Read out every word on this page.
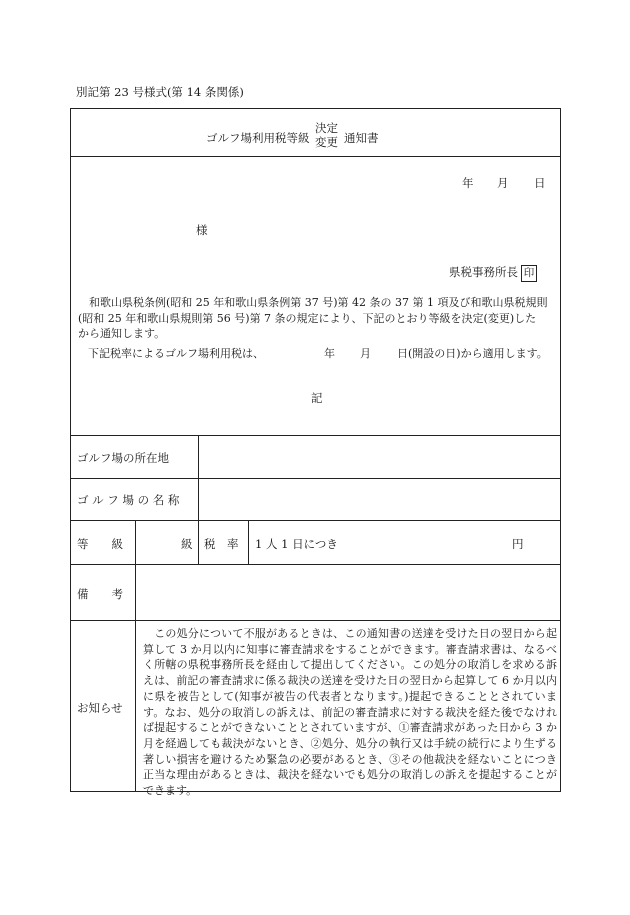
別記第 23 号様式(第 14 条関係)
ゴルフ場利用税等級
決定
変更 通知書
年 月 日
様
県税事務所長 印

和歌山県税条例(昭和 25 年和歌山県条例第 37 号)第 42 条の 37 第 1 項及び和歌山県税規則

(昭和 25 年和歌山県規則第 56 号)第 7 条の規定により、下記のとおり等級を決定(変更)した

から通知します。

下記税率によるゴルフ場利用税は、	年 月 日(開設の日)から適用します。
記
ゴルフ場の所在地
ゴ ル フ 場 の 名 称
等　　級	級 税　率 1 人 1 日につき	円
備　　考
お知らせ
　この処分について不服があるときは、この通知書の送達を受けた日の翌日から起算して 3 か月以内に知事に審査請求をすることができます。審査請求書は、なるべく所轄の県税事務所長を経由して提出してください。この処分の取消しを求める訴えは、前記の審査請求に係る裁決の送達を受けた日の翌日から起算して 6 か月以内に県を被告として(知事が被告の代表者となります。)提起できることとされています。なお、処分の取消しの訴えは、前記の審査請求に対する裁決を経た後でなければ提起することができないこととされていますが、①審査請求があった日から 3 か月を経過しても裁決がないとき、②処分、処分の執行又は手続の続行により生ずる著しい損害を避けるため緊急の必要があるとき、③その他裁決を経ないことにつき正当な理由があるときは、裁決を経ないでも処分の取消しの訴えを提起することができます。
